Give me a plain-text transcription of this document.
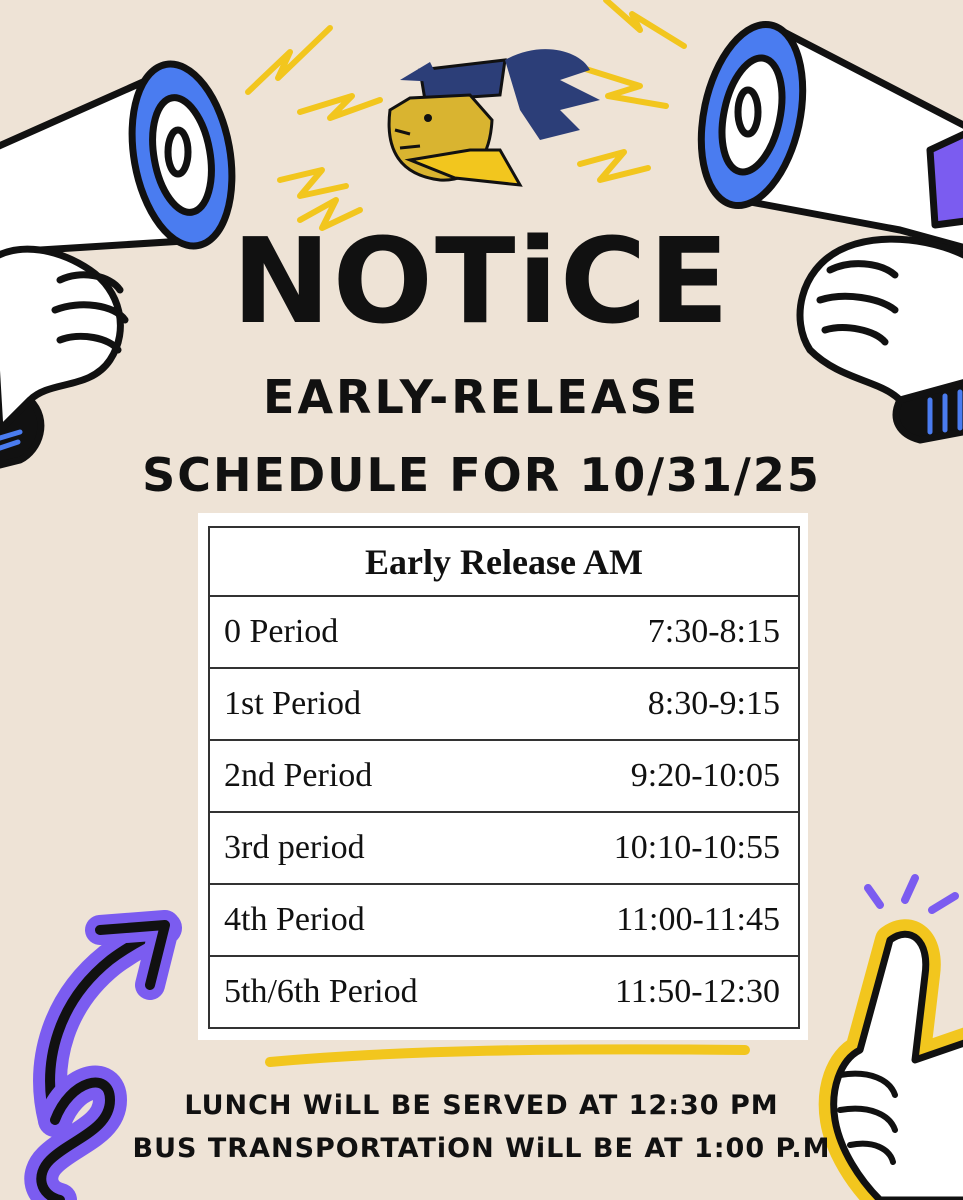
NOTiCE
EARLY-RELEASE
SCHEDULE FOR 10/31/25
Early Release AM	
0 Period	7:30-8:15
1st Period	8:30-9:15
2nd Period	9:20-10:05
3rd period	10:10-10:55
4th Period	11:00-11:45
5th/6th Period	11:50-12:30
LUNCH WiLL BE SERVED AT 12:30 PM
BUS TRANSPORTATiON WiLL BE AT 1:00 P.M
